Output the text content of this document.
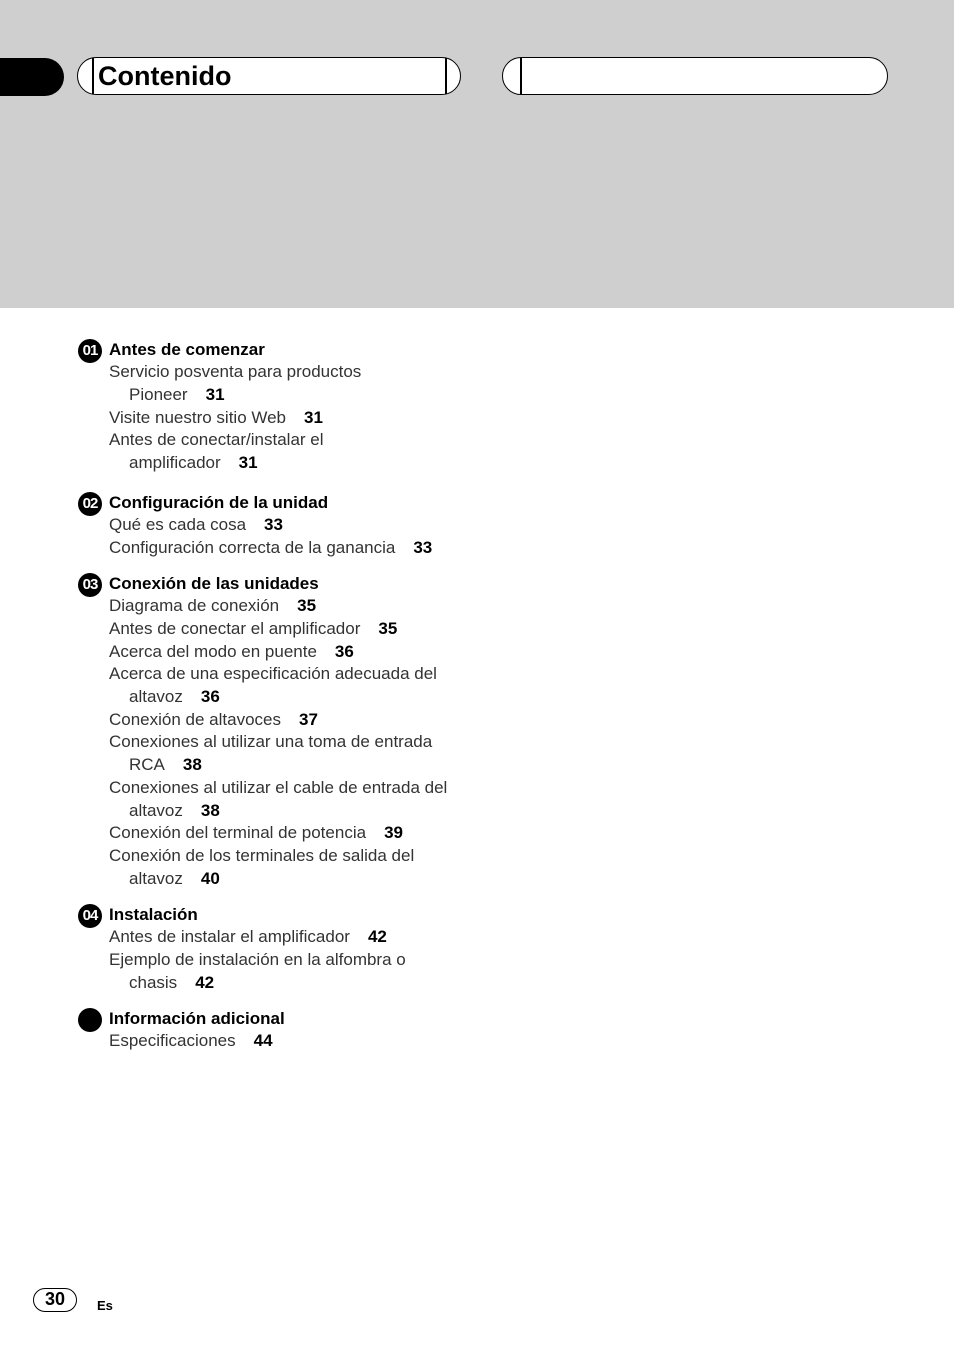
Contenido
01 Antes de comenzar
Servicio posventa para productos
Pioneer 31
Visite nuestro sitio Web 31
Antes de conectar/instalar el
amplificador 31
02 Configuración de la unidad
Qué es cada cosa 33
Configuración correcta de la ganancia 33
03 Conexión de las unidades
Diagrama de conexión 35
Antes de conectar el amplificador 35
Acerca del modo en puente 36
Acerca de una especificación adecuada del
altavoz 36
Conexión de altavoces 37
Conexiones al utilizar una toma de entrada
RCA 38
Conexiones al utilizar el cable de entrada del
altavoz 38
Conexión del terminal de potencia 39
Conexión de los terminales de salida del
altavoz 40
04 Instalación
Antes de instalar el amplificador 42
Ejemplo de instalación en la alfombra o
chasis 42
Información adicional
Especificaciones 44
30	Es
